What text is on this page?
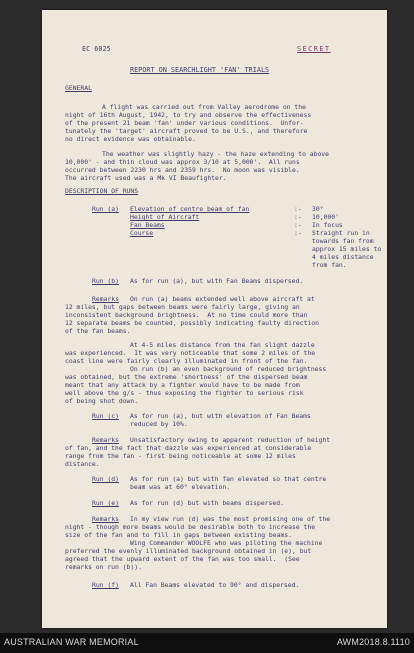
EC 6025	SECRET
REPORT ON SEARCHLIGHT 'FAN' TRIALS
GENERAL
A flight was carried out from Valley aerodrome on the
night of 16th August, 1942, to try and observe the effectiveness
of the present 21 beam 'fan' under various conditions.  Unfor-
tunately the 'target' aircraft proved to be U.S., and therefore
no direct evidence was obtainable.
The weather was slightly hazy - the haze extending to above
10,000' - and thin cloud was approx 3/10 at 5,000'.  All runs
occurred between 2230 hrs and 2359 hrs.  No moon was visible.
The aircraft used was a Mk VI Beaufighter.
DESCRIPTION OF RUNS
Run (a) Elevation of centre beam of fan
Height of Aircraft
Fan Beams
Course
:-
:-
:-
:-
30°
10,000'
In focus
Straight run in
towards fan from
approx 15 miles to
4 miles distance
from fan.
Run (b) As for run (a), but with Fan Beams dispersed.
Remarks On run (a) beams extended well above aircraft at
12 miles, but gaps between beams were fairly large, giving an
inconsistent background brightness.  At no time could more than
12 separate beams be counted, possibly indicating faulty direction
of the fan beams.
At 4-5 miles distance from the fan slight dazzle
was experienced.  It was very noticeable that some 2 miles of the
coast line were fairly clearly illuminated in front of the fan.
On run (b) an even background of reduced brightness
was obtained, but the extreme 'shortness' of the dispersed beam
meant that any attack by a fighter would have to be made from
well above the g/s - thus exposing the fighter to serious risk
of being shot down.
Run (c) As for run (a), but with elevation of Fan Beams
reduced by 10%.
Remarks Unsatisfactory owing to apparent reduction of height
of fan, and the fact that dazzle was experienced at considerable
range from the fan - first being noticeable at some 12 miles
distance.
Run (d) As for run (a) but with fan elevated so that centre
beam was at 60° elevation.
Run (e) As for run (d) but with beams dispersed.
Remarks In my view run (d) was the most promising one of the
night - though more beams would be desirable both to increase the
size of the fan and to fill in gaps between existing beams.
Wing Commander WOOLFE who was piloting the machine
preferred the evenly illuminated background obtained in (e), but
agreed that the upward extent of the fan was too small.  (See
remarks on run (b)).
Run (f) All Fan Beams elevated to 90° and dispersed.
AUSTRALIAN WAR MEMORIAL	AWM2018.8.1110
